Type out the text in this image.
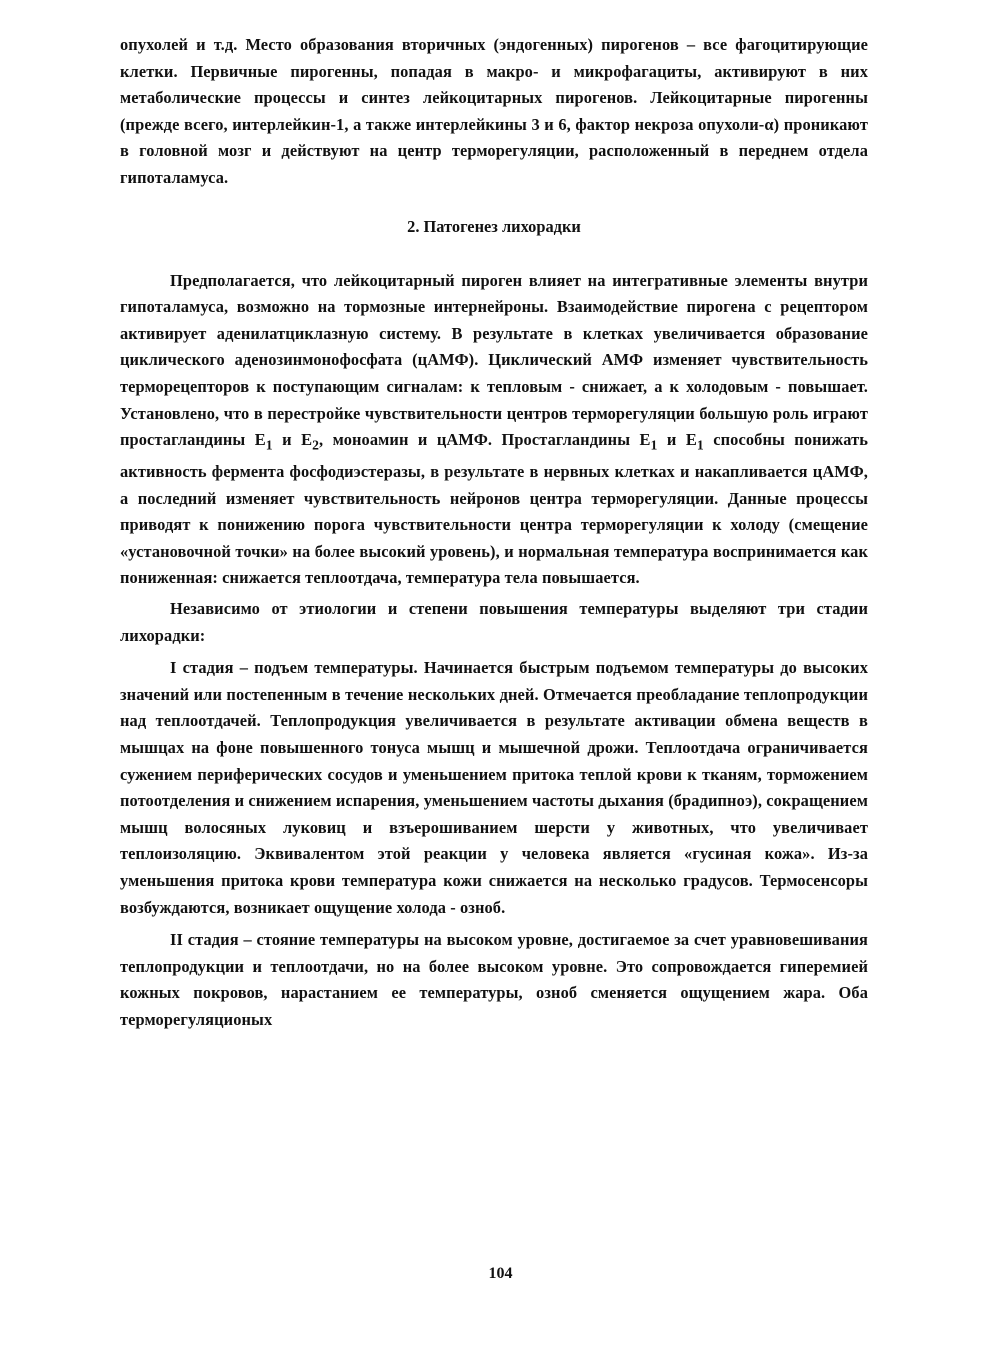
опухолей и т.д. Место образования вторичных (эндогенных) пирогенов – все фагоцитирующие клетки. Первичные пирогенны, попадая в макро- и микрофагациты, активируют в них метаболические процессы и синтез лейкоцитарных пирогенов. Лейкоцитарные пирогенны (прежде всего, интерлейкин-1, а также интерлейкины 3 и 6, фактор некроза опухоли-α) проникают в головной мозг и действуют на центр терморегуляции, расположенный в переднем отдела гипоталамуса.

2. Патогенез лихорадки

Предполагается, что лейкоцитарный пироген влияет на интегративные элементы внутри гипоталамуса, возможно на тормозные интернейроны. Взаимодействие пирогена с рецептором активирует аденилатциклазную систему. В результате в клетках увеличивается образование циклического аденозинмонофосфата (цАМФ). Циклический АМФ изменяет чувствительность терморецепторов к поступающим сигналам: к тепловым - снижает, а к холодовым - повышает. Установлено, что в перестройке чувствительности центров терморегуляции большую роль играют простагландины $Е_1$ и $Е_2$, моноамин и цАМФ. Простагландины $Е_1$ и $Е_1$ способны понижать активность фермента фосфодиэстеразы, в результате в нервных клетках и накапливается цАМФ, а последний изменяет чувствительность нейронов центра терморегуляции. Данные процессы приводят к понижению порога чувствительности центра терморегуляции к холоду (смещение «установочной точки» на более высокий уровень), и нормальная температура воспринимается как пониженная: снижается теплоотдача, температура тела повышается.

Независимо от этиологии и степени повышения температуры выделяют три стадии лихорадки:

I стадия – подъем температуры. Начинается быстрым подъемом температуры до высоких значений или постепенным в течение нескольких дней. Отмечается преобладание теплопродукции над теплоотдачей. Теплопродукция увеличивается в результате активации обмена веществ в мышцах на фоне повышенного тонуса мышц и мышечной дрожи. Теплоотдача ограничивается сужением периферических сосудов и уменьшением притока теплой крови к тканям, торможением потоотделения и снижением испарения, уменьшением частоты дыхания (брадипноэ), сокращением мышц волосяных луковиц и взъерошиванием шерсти у животных, что увеличивает теплоизоляцию. Эквивалентом этой реакции у человека является «гусиная кожа». Из-за уменьшения притока крови температура кожи снижается на несколько градусов. Термосенсоры возбуждаются, возникает ощущение холода - озноб.

II стадия – стояние температуры на высоком уровне, достигаемое за счет уравновешивания теплопродукции и теплоотдачи, но на более высоком уровне. Это сопровождается гиперемией кожных покровов, нарастанием ее температуры, озноб сменяется ощущением жара. Оба терморегуляционых

104
